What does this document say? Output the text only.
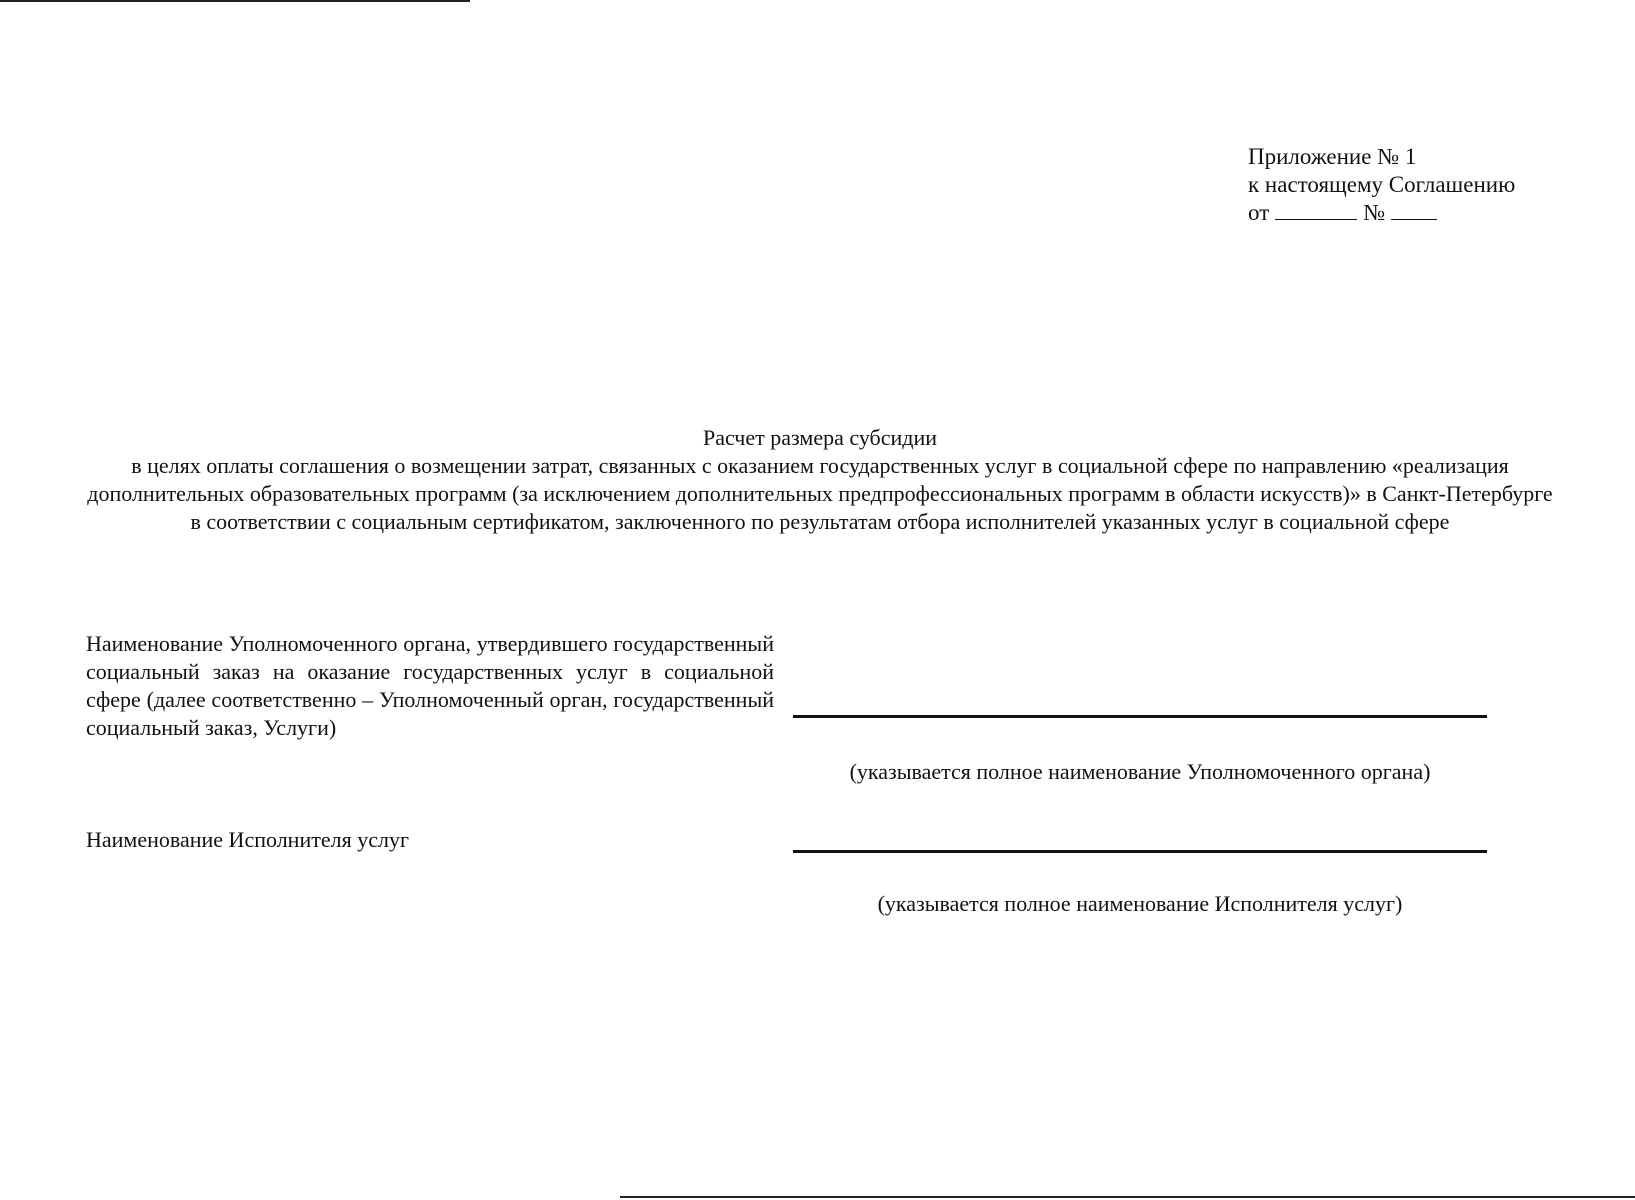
Приложение № 1
к настоящему Соглашению
от	№
Расчет размера субсидии
в целях оплаты соглашения о возмещении затрат, связанных с оказанием государственных услуг в социальной сфере по направлению «реализация дополнительных образовательных программ (за исключением дополнительных предпрофессиональных программ в области искусств)» в Санкт-Петербурге в соответствии с социальным сертификатом, заключенного по результатам отбора исполнителей указанных услуг в социальной сфере
Наименование Уполномоченного органа, утвердившего государственный социальный заказ на оказание государственных услуг в социальной сфере (далее соответственно – Уполномоченный орган, государственный социальный заказ, Услуги)
(указывается полное наименование Уполномоченного органа)
Наименование Исполнителя услуг
(указывается полное наименование Исполнителя услуг)
